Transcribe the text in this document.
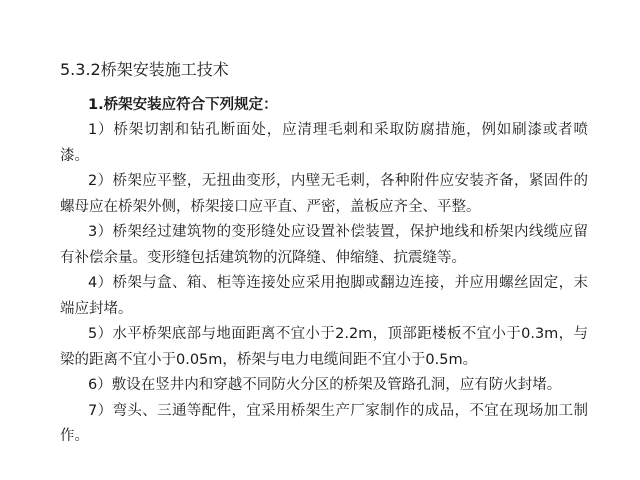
5.3.2桥架安装施工技术
1.桥架安装应符合下列规定：

1）桥架切割和钻孔断面处，应清理毛刺和采取防腐措施，例如刷漆或者喷漆。

2）桥架应平整，无扭曲变形，内壁无毛刺，各种附件应安装齐备，紧固件的螺母应在桥架外侧，桥架接口应平直、严密，盖板应齐全、平整。

3）桥架经过建筑物的变形缝处应设置补偿装置，保护地线和桥架内线缆应留有补偿余量。变形缝包括建筑物的沉降缝、伸缩缝、抗震缝等。

4）桥架与盒、箱、柜等连接处应采用抱脚或翻边连接，并应用螺丝固定，末端应封堵。

5）水平桥架底部与地面距离不宜小于2.2m，顶部距楼板不宜小于0.3m，与梁的距离不宜小于0.05m，桥架与电力电缆间距不宜小于0.5m。

6）敷设在竖井内和穿越不同防火分区的桥架及管路孔洞，应有防火封堵。

7）弯头、三通等配件，宜采用桥架生产厂家制作的成品，不宜在现场加工制作。
